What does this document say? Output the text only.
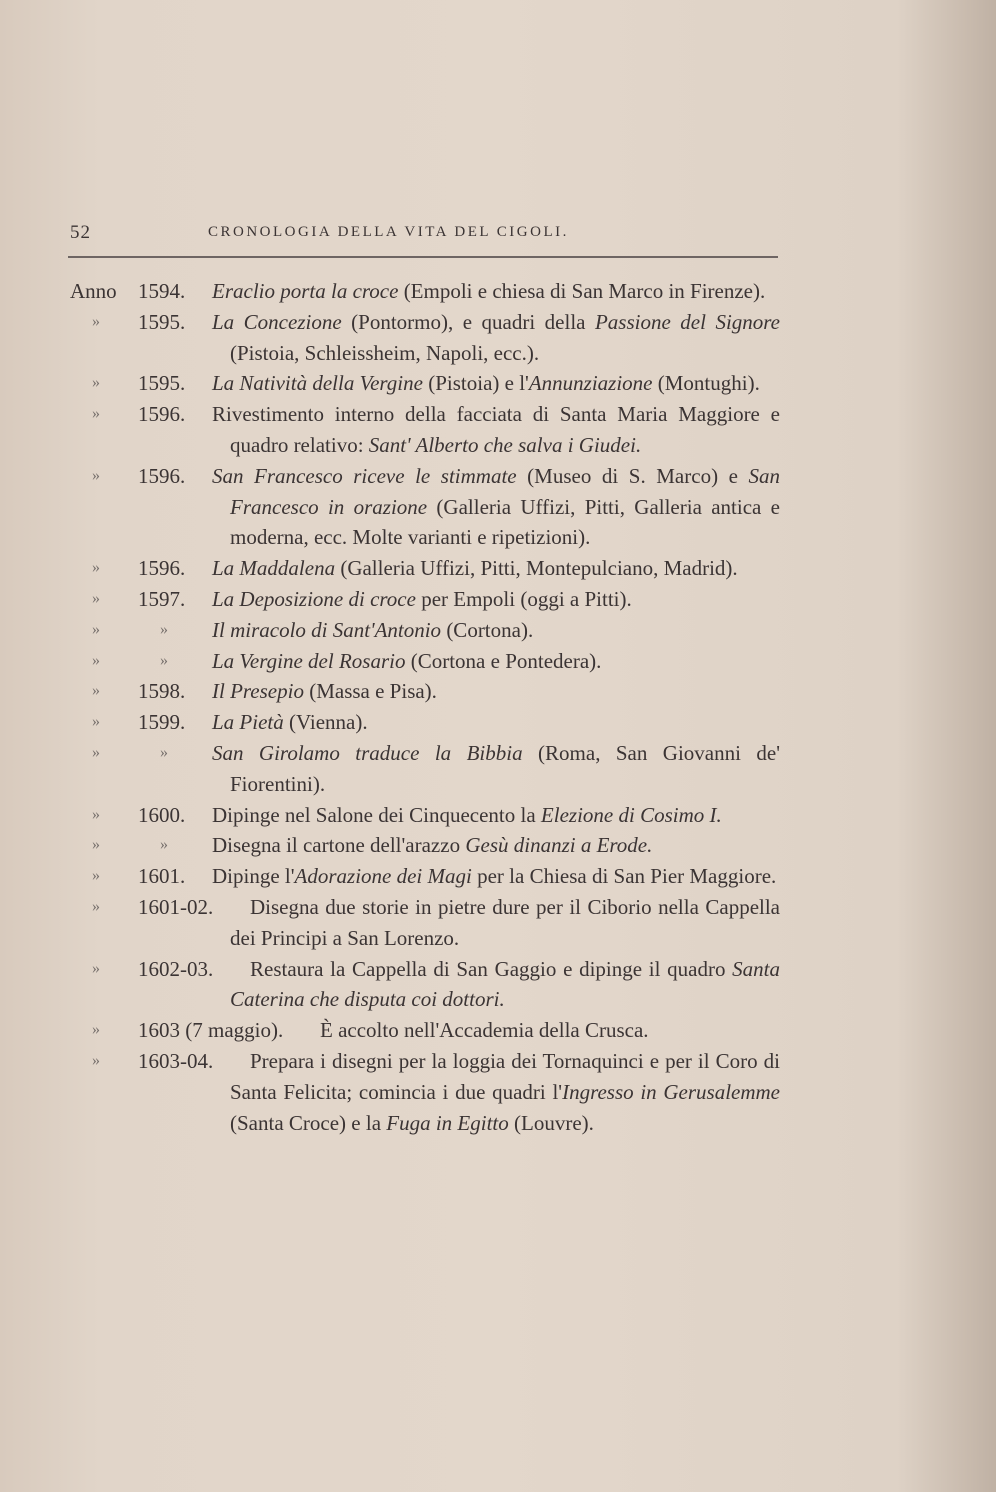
52	CRONOLOGIA DELLA VITA DEL CIGOLI.
Anno 1594. Eraclio porta la croce (Empoli e chiesa di San Marco in Firenze).
» 1595. La Concezione (Pontormo), e quadri della Passione del Signore (Pistoia, Schleissheim, Napoli, ecc.).
» 1595. La Natività della Vergine (Pistoia) e l'Annunziazione (Montughi).
» 1596. Rivestimento interno della facciata di Santa Maria Maggiore e quadro relativo: Sant' Alberto che salva i Giudei.
» 1596. San Francesco riceve le stimmate (Museo di S. Marco) e San Francesco in orazione (Galleria Uffizi, Pitti, Galleria antica e moderna, ecc. Molte varianti e ripetizioni).
» 1596. La Maddalena (Galleria Uffizi, Pitti, Montepulciano, Madrid).
» 1597. La Deposizione di croce per Empoli (oggi a Pitti).
»	» Il miracolo di Sant'Antonio (Cortona).
»	» La Vergine del Rosario (Cortona e Pontedera).
» 1598. Il Presepio (Massa e Pisa).
» 1599. La Pietà (Vienna).
»	» San Girolamo traduce la Bibbia (Roma, San Giovanni de' Fiorentini).
» 1600. Dipinge nel Salone dei Cinquecento la Elezione di Cosimo I.
»	» Disegna il cartone dell'arazzo Gesù dinanzi a Erode.
» 1601. Dipinge l'Adorazione dei Magi per la Chiesa di San Pier Maggiore.
» 1601-02.	Disegna due storie in pietre dure per il Ciborio nella Cappella dei Principi a San Lorenzo.
» 1602-03.	Restaura la Cappella di San Gaggio e dipinge il quadro Santa Caterina che disputa coi dottori.
» 1603 (7 maggio).	È accolto nell'Accademia della Crusca.
» 1603-04.	Prepara i disegni per la loggia dei Tornaquinci e per il Coro di Santa Felicita; comincia i due quadri l'Ingresso in Gerusalemme (Santa Croce) e la Fuga in Egitto (Louvre).
